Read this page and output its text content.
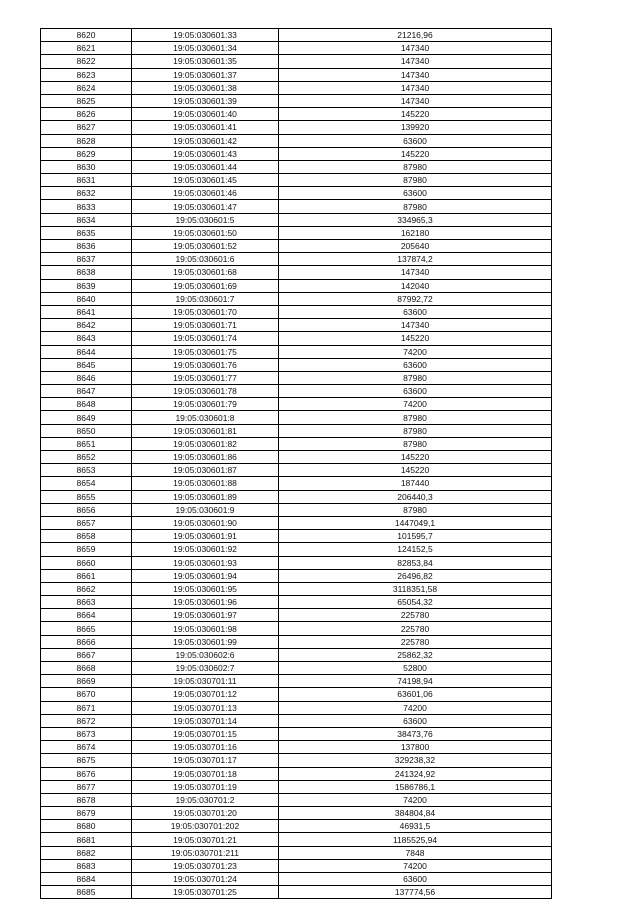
8620	19:05:030601:33	21216,96
8621	19:05:030601:34	147340
8622	19:05:030601:35	147340
8623	19:05:030601:37	147340
8624	19:05:030601:38	147340
8625	19:05:030601:39	147340
8626	19:05:030601:40	145220
8627	19:05:030601:41	139920
8628	19:05:030601:42	63600
8629	19:05:030601:43	145220
8630	19:05:030601:44	87980
8631	19:05:030601:45	87980
8632	19:05:030601:46	63600
8633	19:05:030601:47	87980
8634	19:05:030601:5	334965,3
8635	19:05:030601:50	162180
8636	19:05:030601:52	205640
8637	19:05:030601:6	137874,2
8638	19:05:030601:68	147340
8639	19:05:030601:69	142040
8640	19:05:030601:7	87992,72
8641	19:05:030601:70	63600
8642	19:05:030601:71	147340
8643	19:05:030601:74	145220
8644	19:05:030601:75	74200
8645	19:05:030601:76	63600
8646	19:05:030601:77	87980
8647	19:05:030601:78	63600
8648	19:05:030601:79	74200
8649	19:05:030601:8	87980
8650	19:05:030601:81	87980
8651	19:05:030601:82	87980
8652	19:05:030601:86	145220
8653	19:05:030601:87	145220
8654	19:05:030601:88	187440
8655	19:05:030601:89	206440,3
8656	19:05:030601:9	87980
8657	19:05:030601:90	1447049,1
8658	19:05:030601:91	101595,7
8659	19:05:030601:92	124152,5
8660	19:05:030601:93	82853,84
8661	19:05:030601:94	26496,82
8662	19:05:030601:95	3118351,58
8663	19:05:030601:96	65054,32
8664	19:05:030601:97	225780
8665	19:05:030601:98	225780
8666	19:05:030601:99	225780
8667	19:05:030602:6	25862,32
8668	19:05:030602:7	52800
8669	19:05:030701:11	74198,94
8670	19:05:030701:12	63601,06
8671	19:05:030701:13	74200
8672	19:05:030701:14	63600
8673	19:05:030701:15	38473,76
8674	19:05:030701:16	137800
8675	19:05:030701:17	329238,32
8676	19:05:030701:18	241324,92
8677	19:05:030701:19	1586786,1
8678	19:05:030701:2	74200
8679	19:05:030701:20	384804,84
8680	19:05:030701:202	46931,5
8681	19:05:030701:21	1185525,94
8682	19:05:030701:211	7848
8683	19:05:030701:23	74200
8684	19:05:030701:24	63600
8685	19:05:030701:25	137774,56
